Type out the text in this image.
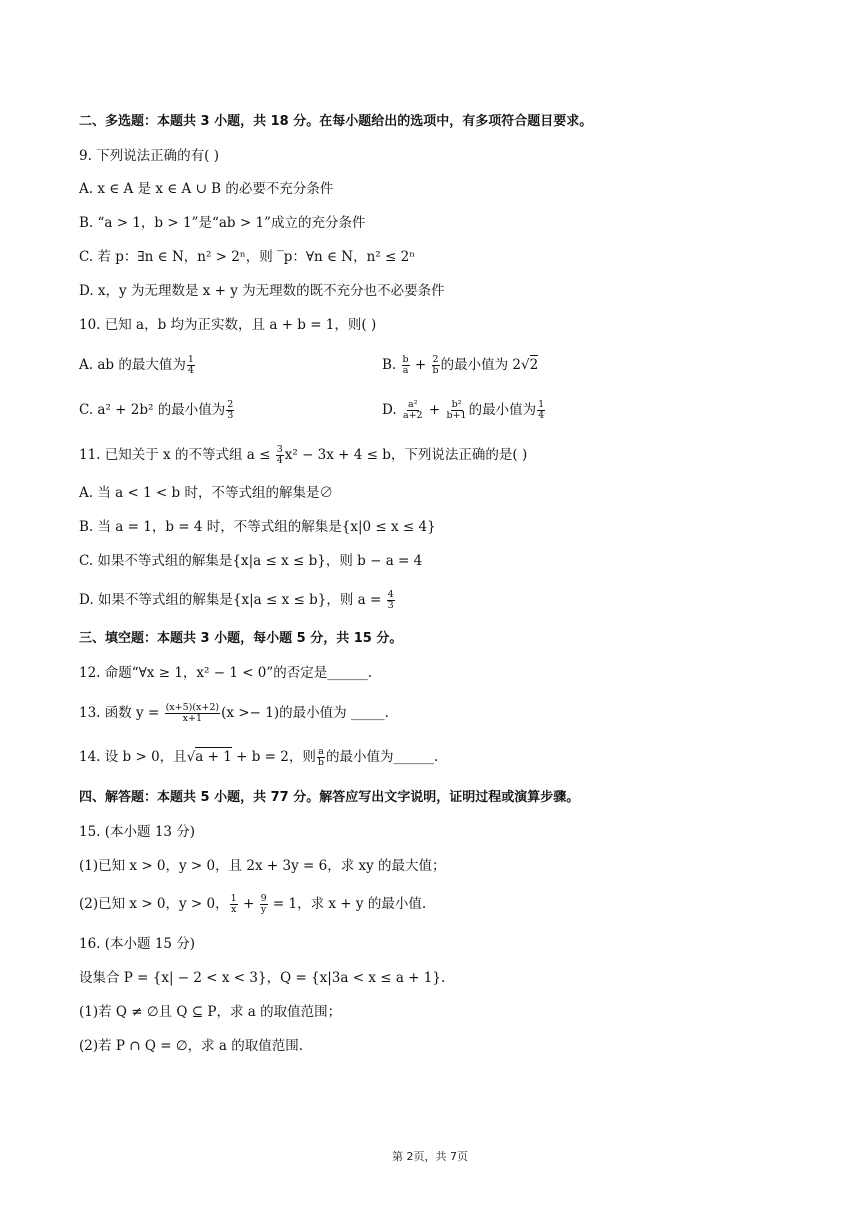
二、多选题：本题共 3 小题，共 18 分。在每小题给出的选项中，有多项符合题目要求。
9. 下列说法正确的有( )
A. x ∈ A 是 x ∈ A ∪ B 的必要不充分条件
B. “a > 1，b > 1”是“ab > 1”成立的充分条件
C. 若 p：∃n ∈ N，n² > 2ⁿ，则 ‾p：∀n ∈ N，n² ≤ 2ⁿ
D. x，y 为无理数是 x + y 为无理数的既不充分也不必要条件
10. 已知 a，b 均为正实数，且 a + b = 1，则( )
A. ab 的最大值为 $\frac{1}{4}$	B. $\frac{b}{a} + \frac{2}{b}$ 的最小值为 2√2
C. a² + 2b² 的最小值为 $\frac{2}{3}$	D. $\frac{\text{a²}}{a+2} + \frac{\text{b²}}{b+1}$ 的最小值为 $\frac{1}{4}$
11. 已知关于 x 的不等式组 $a \le \frac{3}{4} x^2 - 3x + 4 \le b$，下列说法正确的是( )
A. 当 a < 1 < b 时，不等式组的解集是∅
B. 当 a = 1，b = 4 时，不等式组的解集是{x|0 ≤ x ≤ 4}
C. 如果不等式组的解集是{x|a ≤ x ≤ b}，则 b − a = 4
D. 如果不等式组的解集是{x|a ≤ x ≤ b}，则 $a = \frac{4}{3}$
三、填空题：本题共 3 小题，每小题 5 分，共 15 分。
12. 命题“∀x ≥ 1，x² − 1 < 0”的否定是______.
13. 函数 $y = \frac{(x+5)(x+2)}{x+1} (x >- 1)$的最小值为 _____.
14. 设 b > 0，且√a + 1 + b = 2，则 $\frac{a}{b}$ 的最小值为______.
四、解答题：本题共 5 小题，共 77 分。解答应写出文字说明，证明过程或演算步骤。
15. (本小题 13 分)
(1)已知 x > 0，y > 0，且 2x + 3y = 6，求 xy 的最大值；
(2)已知 x > 0，y > 0， $\frac{1}{x} + \frac{9}{y} = 1$，求 x + y 的最小值.
16. (本小题 15 分)
设集合 P = {x| − 2 < x < 3}，Q = {x|3a < x ≤ a + 1}.
(1)若 Q ≠ ∅且 Q ⊆ P，求 a 的取值范围；
(2)若 P ∩ Q = ∅，求 a 的取值范围.
第 2页，共 7页
